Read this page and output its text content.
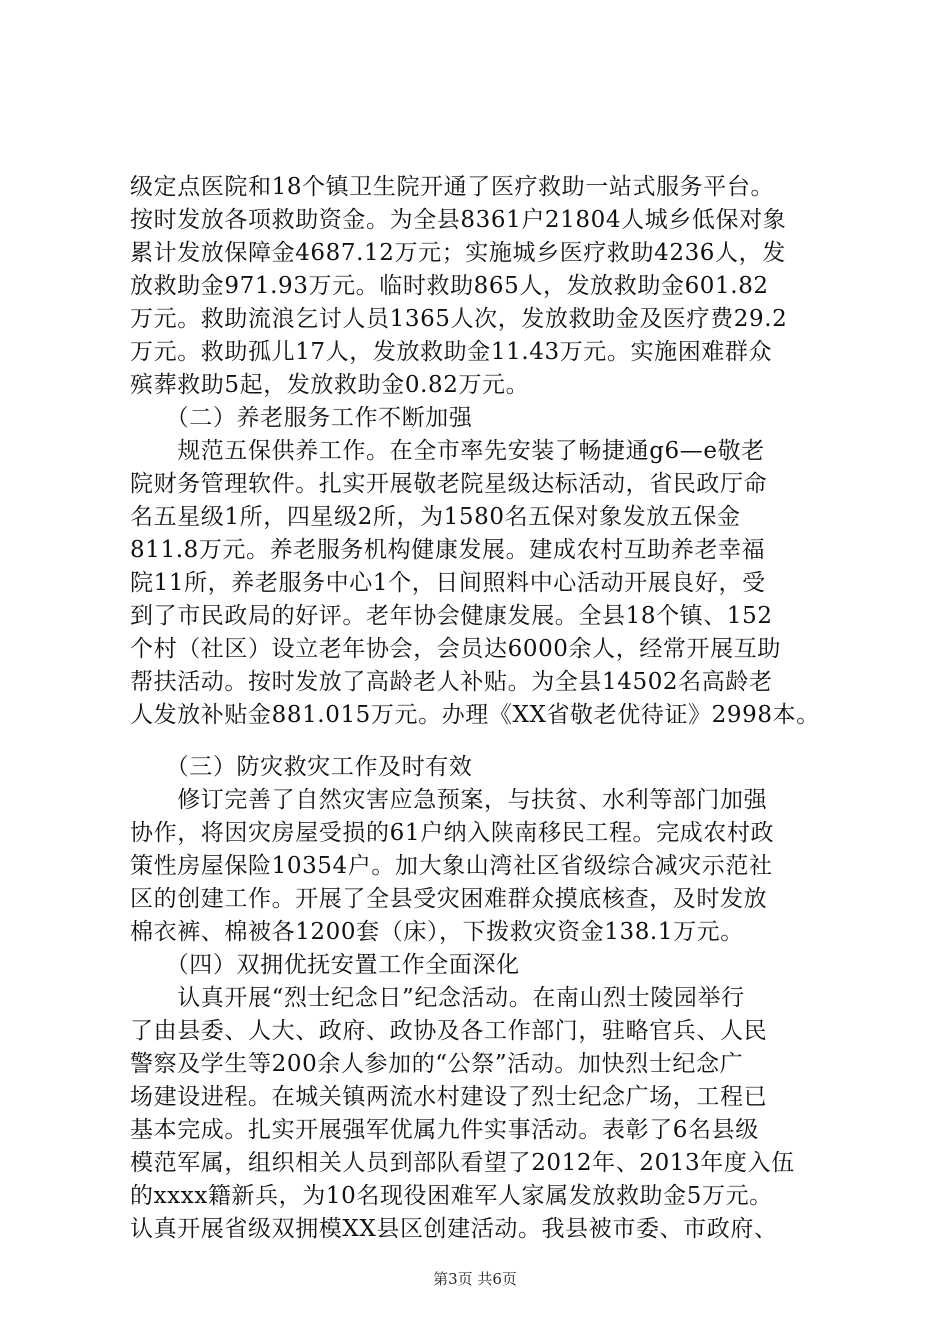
级定点医院和18个镇卫生院开通了医疗救助一站式服务平台。
按时发放各项救助资金。为全县8361户21804人城乡低保对象
累计发放保障金4687.12万元；实施城乡医疗救助4236人，发
放救助金971.93万元。临时救助865人，发放救助金601.82
万元。救助流浪乞讨人员1365人次，发放救助金及医疗费29.2
万元。救助孤儿17人，发放救助金11.43万元。实施困难群众
殡葬救助5起，发放救助金0.82万元。
　　（二）养老服务工作不断加强
　　规范五保供养工作。在全市率先安装了畅捷通g6—e敬老
院财务管理软件。扎实开展敬老院星级达标活动，省民政厅命
名五星级1所，四星级2所，为1580名五保对象发放五保金
811.8万元。养老服务机构健康发展。建成农村互助养老幸福
院11所，养老服务中心1个，日间照料中心活动开展良好，受
到了市民政局的好评。老年协会健康发展。全县18个镇、152
个村（社区）设立老年协会，会员达6000余人，经常开展互助
帮扶活动。按时发放了高龄老人补贴。为全县14502名高龄老
人发放补贴金881.015万元。办理《XX省敬老优待证》2998本。
　　（三）防灾救灾工作及时有效
　　修订完善了自然灾害应急预案，与扶贫、水利等部门加强
协作，将因灾房屋受损的61户纳入陕南移民工程。完成农村政
策性房屋保险10354户。加大象山湾社区省级综合减灾示范社
区的创建工作。开展了全县受灾困难群众摸底核查，及时发放
棉衣裤、棉被各1200套（床），下拨救灾资金138.1万元。
　　（四）双拥优抚安置工作全面深化
　　认真开展“烈士纪念日”纪念活动。在南山烈士陵园举行
了由县委、人大、政府、政协及各工作部门，驻略官兵、人民
警察及学生等200余人参加的“公祭”活动。加快烈士纪念广
场建设进程。在城关镇两流水村建设了烈士纪念广场，工程已
基本完成。扎实开展强军优属九件实事活动。表彰了6名县级
模范军属，组织相关人员到部队看望了2012年、2013年度入伍
的xxxx籍新兵，为10名现役困难军人家属发放救助金5万元。
认真开展省级双拥模XX县区创建活动。我县被市委、市政府、
第3页 共6页
